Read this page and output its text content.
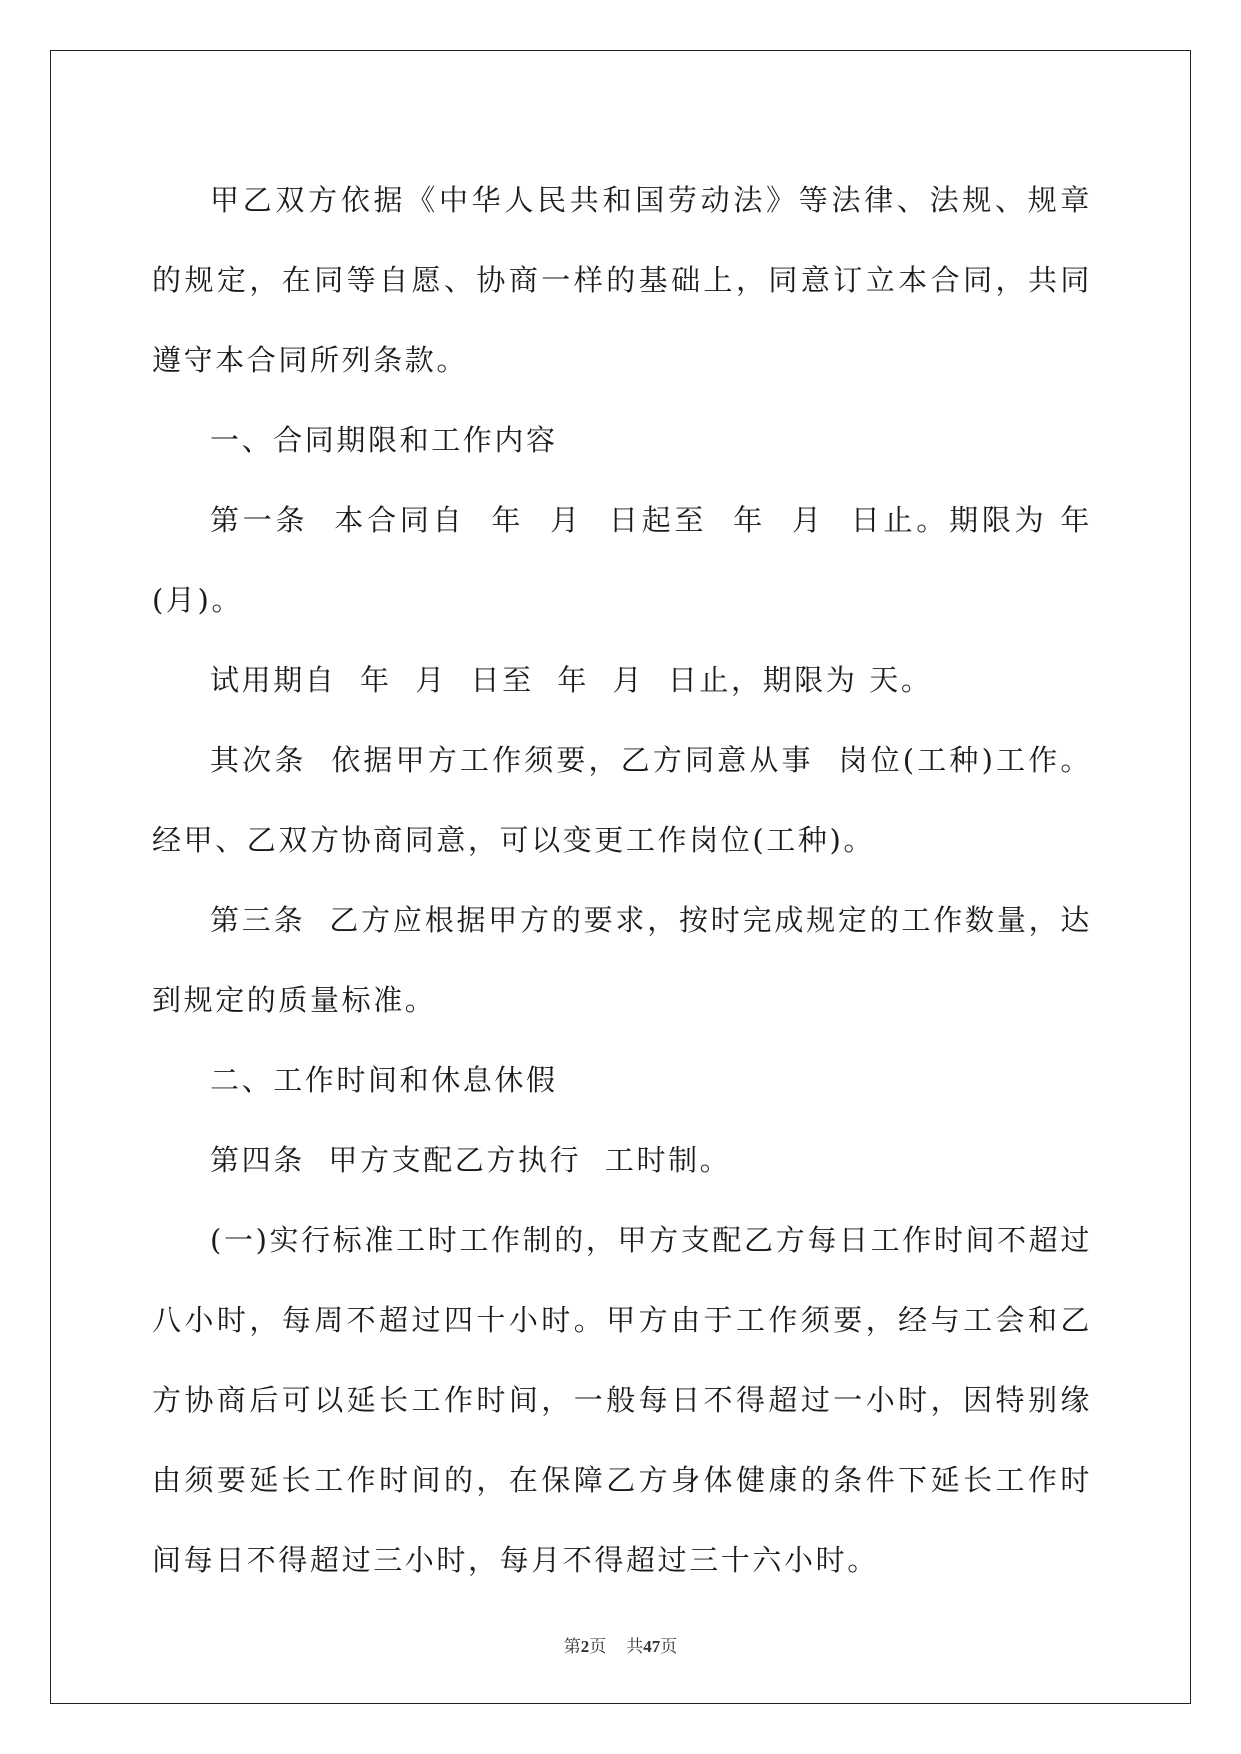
甲乙双方依据《中华人民共和国劳动法》等法律、法规、规章的规定，在同等自愿、协商一样的基础上，同意订立本合同，共同遵守本合同所列条款。

一、合同期限和工作内容

第一条  本合同自  年  月  日起至  年  月  日止。期限为 年(月)。

试用期自  年  月  日至  年  月  日止，期限为 天。

其次条  依据甲方工作须要，乙方同意从事  岗位(工种)工作。经甲、乙双方协商同意，可以变更工作岗位(工种)。

第三条  乙方应根据甲方的要求，按时完成规定的工作数量，达到规定的质量标准。

二、工作时间和休息休假

第四条  甲方支配乙方执行  工时制。

(一)实行标准工时工作制的，甲方支配乙方每日工作时间不超过八小时，每周不超过四十小时。甲方由于工作须要，经与工会和乙方协商后可以延长工作时间，一般每日不得超过一小时，因特别缘由须要延长工作时间的，在保障乙方身体健康的条件下延长工作时间每日不得超过三小时，每月不得超过三十六小时。

第2页 共47页
